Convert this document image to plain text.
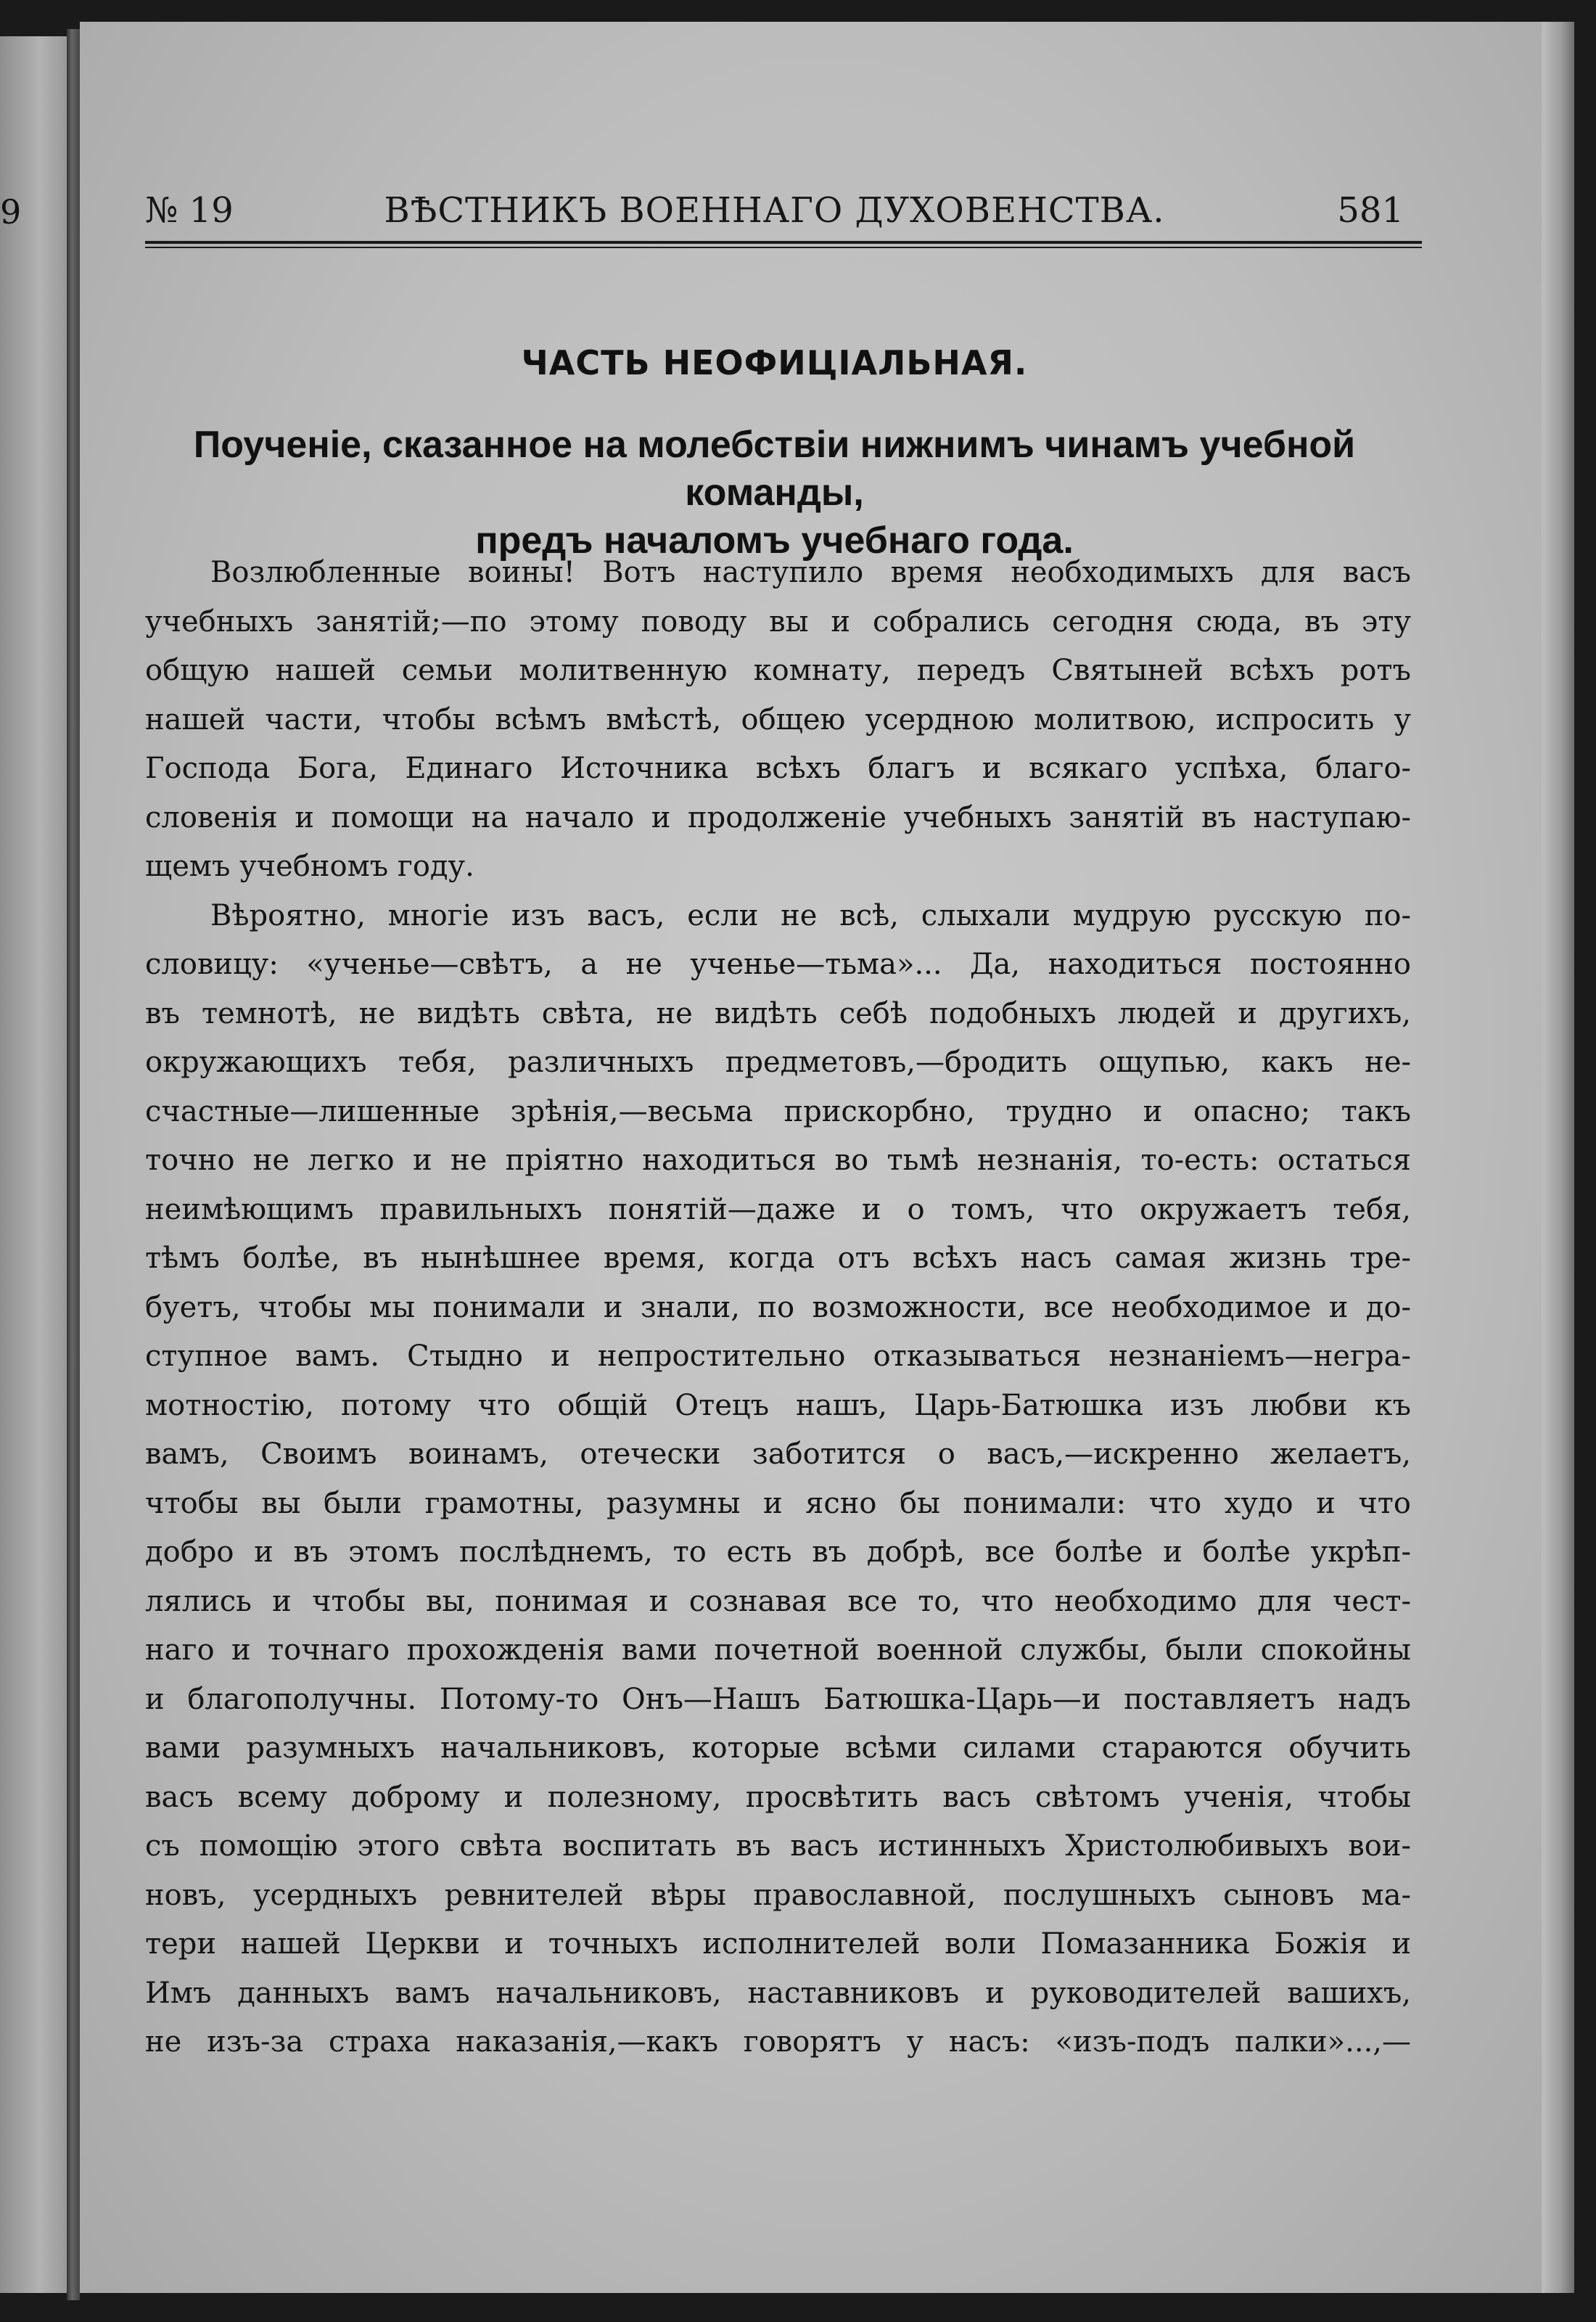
9	№ 19	ВѢСТНИКЪ ВОЕННАГО ДУХОВЕНСТВА.	581
ЧАСТЬ НЕОФИЦІАЛЬНАЯ.
Поученіе, сказанное на молебствіи нижнимъ чинамъ учебной команды,
предъ началомъ учебнаго года.
Возлюбленные воины! Вотъ наступило время необходимыхъ для васъ
учебныхъ занятій;—по этому поводу вы и собрались сегодня сюда, въ эту
общую нашей семьи молитвенную комнату, передъ Святыней всѣхъ ротъ
нашей части, чтобы всѣмъ вмѣстѣ, общею усердною молитвою, испросить у
Господа Бога, Единаго Источника всѣхъ благъ и всякаго успѣха, благо-
словенія и помощи на начало и продолженіе учебныхъ занятій въ наступаю-
щемъ учебномъ году.
Вѣроятно, многіе изъ васъ, если не всѣ, слыхали мудрую русскую по-
словицу: «ученье—свѣтъ, а не ученье—тьма»... Да, находиться постоянно
въ темнотѣ, не видѣть свѣта, не видѣть себѣ подобныхъ людей и другихъ,
окружающихъ тебя, различныхъ предметовъ,—бродить ощупью, какъ не-
счастные—лишенные зрѣнія,—весьма прискорбно, трудно и опасно; такъ
точно не легко и не пріятно находиться во тьмѣ незнанія, то-есть: остаться
неимѣющимъ правильныхъ понятій—даже и о томъ, что окружаетъ тебя,
тѣмъ болѣе, въ нынѣшнее время, когда отъ всѣхъ насъ самая жизнь тре-
буетъ, чтобы мы понимали и знали, по возможности, все необходимое и до-
ступное вамъ. Стыдно и непростительно отказываться незнаніемъ—негра-
мотностію, потому что общій Отецъ нашъ, Царь-Батюшка изъ любви къ
вамъ, Своимъ воинамъ, отечески заботится о васъ,—искренно желаетъ,
чтобы вы были грамотны, разумны и ясно бы понимали: что худо и что
добро и въ этомъ послѣднемъ, то есть въ добрѣ, все болѣе и болѣе укрѣп-
лялись и чтобы вы, понимая и сознавая все то, что необходимо для чест-
наго и точнаго прохожденія вами почетной военной службы, были спокойны
и благополучны. Потому-то Онъ—Нашъ Батюшка-Царь—и поставляетъ надъ
вами разумныхъ начальниковъ, которые всѣми силами стараются обучить
васъ всему доброму и полезному, просвѣтить васъ свѣтомъ ученія, чтобы
съ помощію этого свѣта воспитать въ васъ истинныхъ Христолюбивыхъ вои-
новъ, усердныхъ ревнителей вѣры православной, послушныхъ сыновъ ма-
тери нашей Церкви и точныхъ исполнителей воли Помазанника Божія и
Имъ данныхъ вамъ начальниковъ, наставниковъ и руководителей вашихъ,
не изъ-за страха наказанія,—какъ говорятъ у насъ: «изъ-подъ палки»...,—
